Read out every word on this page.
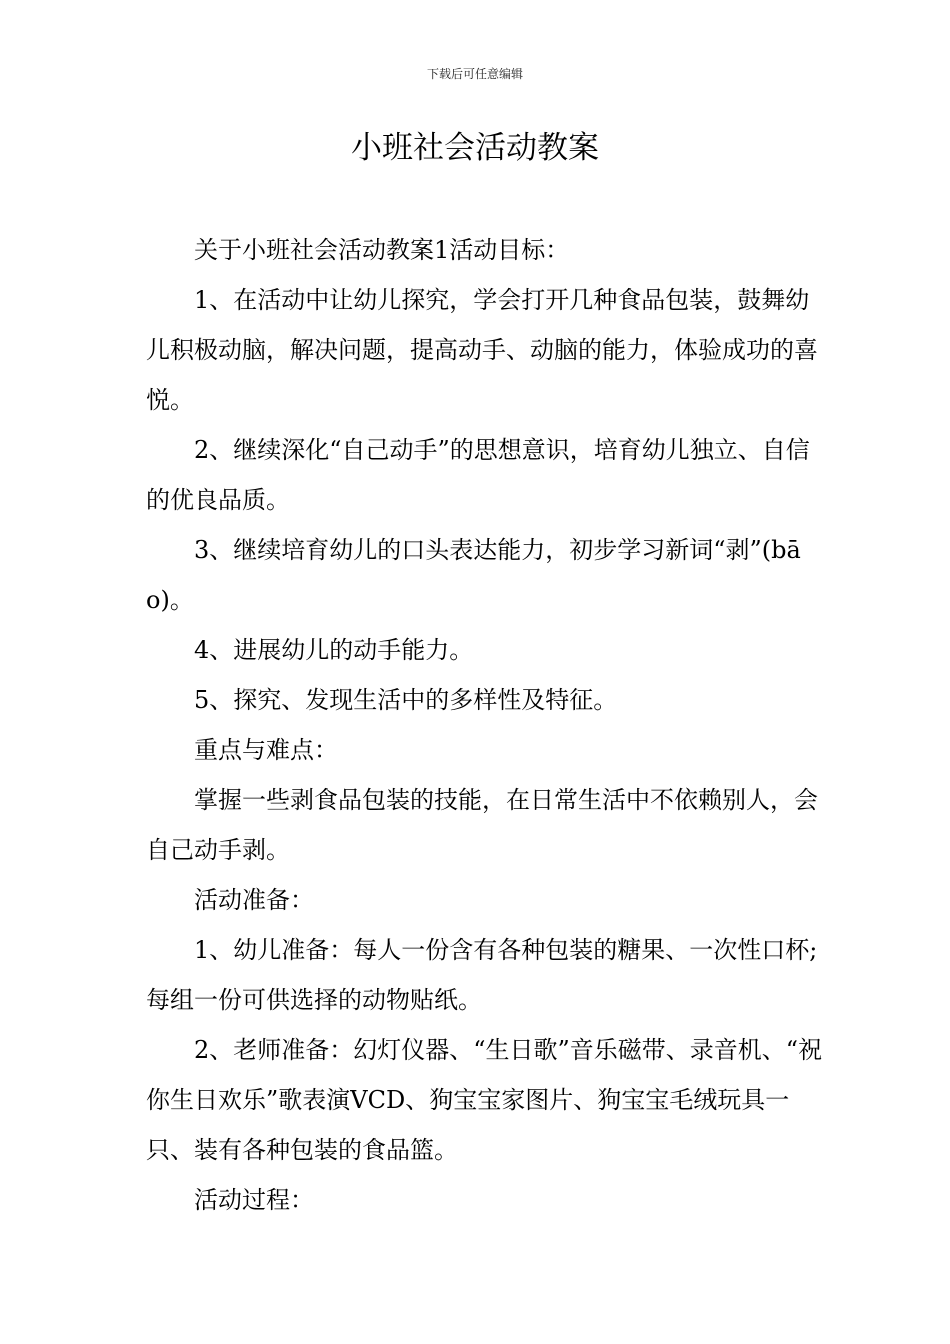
下载后可任意编辑
小班社会活动教案

关于小班社会活动教案1活动目标：

1、在活动中让幼儿探究，学会打开几种食品包装，鼓舞幼儿积极动脑，解决问题，提高动手、动脑的能力，体验成功的喜悦。

2、继续深化“自己动手”的思想意识，培育幼儿独立、自信的优良品质。

3、继续培育幼儿的口头表达能力，初步学习新词“剥”(bāo)。

4、进展幼儿的动手能力。

5、探究、发现生活中的多样性及特征。

重点与难点：

掌握一些剥食品包装的技能，在日常生活中不依赖别人，会自己动手剥。

活动准备：

1、幼儿准备：每人一份含有各种包装的糖果、一次性口杯;每组一份可供选择的动物贴纸。

2、老师准备：幻灯仪器、“生日歌”音乐磁带、录音机、“祝你生日欢乐”歌表演VCD、狗宝宝家图片、狗宝宝毛绒玩具一只、装有各种包装的食品篮。

活动过程：
